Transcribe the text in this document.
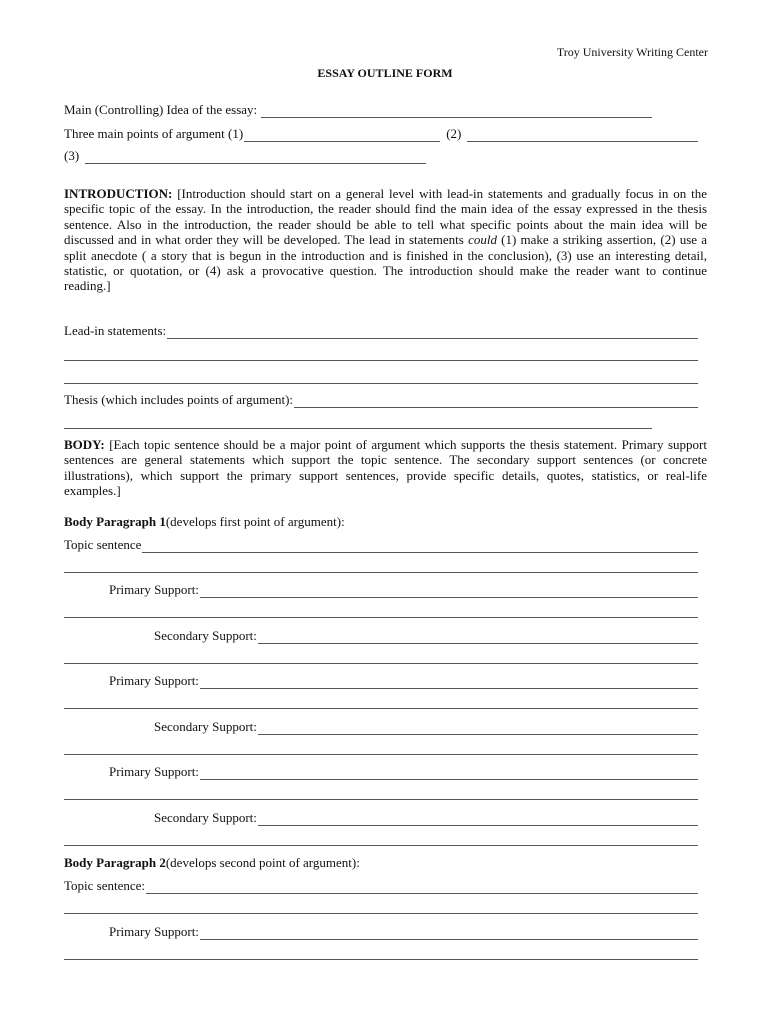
Troy University Writing Center
ESSAY OUTLINE FORM
Main (Controlling) Idea of the essay:
Three main points of argument (1)	(2)
(3)
INTRODUCTION: [Introduction should start on a general level with lead-in statements and gradually focus in on the specific topic of the essay. In the introduction, the reader should find the main idea of the essay expressed in the thesis sentence. Also in the introduction, the reader should be able to tell what specific points about the main idea will be discussed and in what order they will be developed. The lead in statements could (1) make a striking assertion, (2) use a split anecdote ( a story that is begun in the introduction and is finished in the conclusion), (3) use an interesting detail, statistic, or quotation, or (4) ask a provocative question. The introduction should make the reader want to continue reading.]
Lead-in statements:
Thesis (which includes points of argument):
BODY: [Each topic sentence should be a major point of argument which supports the thesis statement. Primary support sentences are general statements which support the topic sentence. The secondary support sentences (or concrete illustrations), which support the primary support sentences, provide specific details, quotes, statistics, or real-life examples.]
Body Paragraph 1 (develops first point of argument):
Topic sentence
Primary Support:
Secondary Support:
Primary Support:
Secondary Support:
Primary Support:
Secondary Support:
Body Paragraph 2 (develops second point of argument):
Topic sentence:
Primary Support:
